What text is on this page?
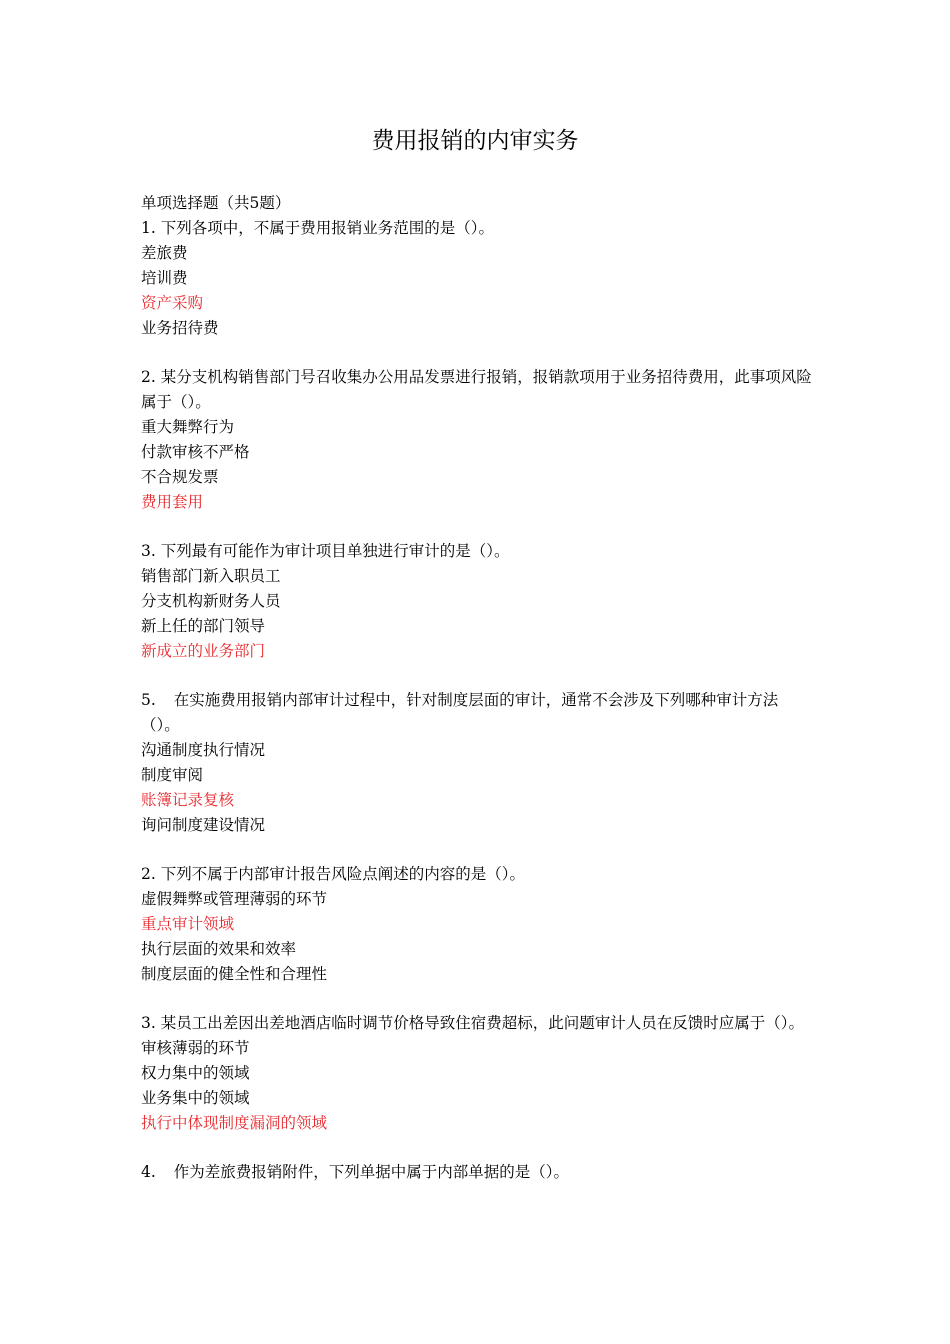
费用报销的内审实务

单项选择题（共5题）

1. 下列各项中，不属于费用报销业务范围的是（）。

差旅费

培训费

资产采购

业务招待费

2. 某分支机构销售部门号召收集办公用品发票进行报销，报销款项用于业务招待费用，此事项风险属于（）。

重大舞弊行为

付款审核不严格

不合规发票

费用套用

3. 下列最有可能作为审计项目单独进行审计的是（）。

销售部门新入职员工

分支机构新财务人员

新上任的部门领导

新成立的业务部门

5. 在实施费用报销内部审计过程中，针对制度层面的审计，通常不会涉及下列哪种审计方法（）。

沟通制度执行情况

制度审阅

账簿记录复核

询问制度建设情况

2. 下列不属于内部审计报告风险点阐述的内容的是（）。

虚假舞弊或管理薄弱的环节

重点审计领域

执行层面的效果和效率

制度层面的健全性和合理性

3. 某员工出差因出差地酒店临时调节价格导致住宿费超标，此问题审计人员在反馈时应属于（）。

审核薄弱的环节

权力集中的领域

业务集中的领域

执行中体现制度漏洞的领域

4. 作为差旅费报销附件，下列单据中属于内部单据的是（）。
